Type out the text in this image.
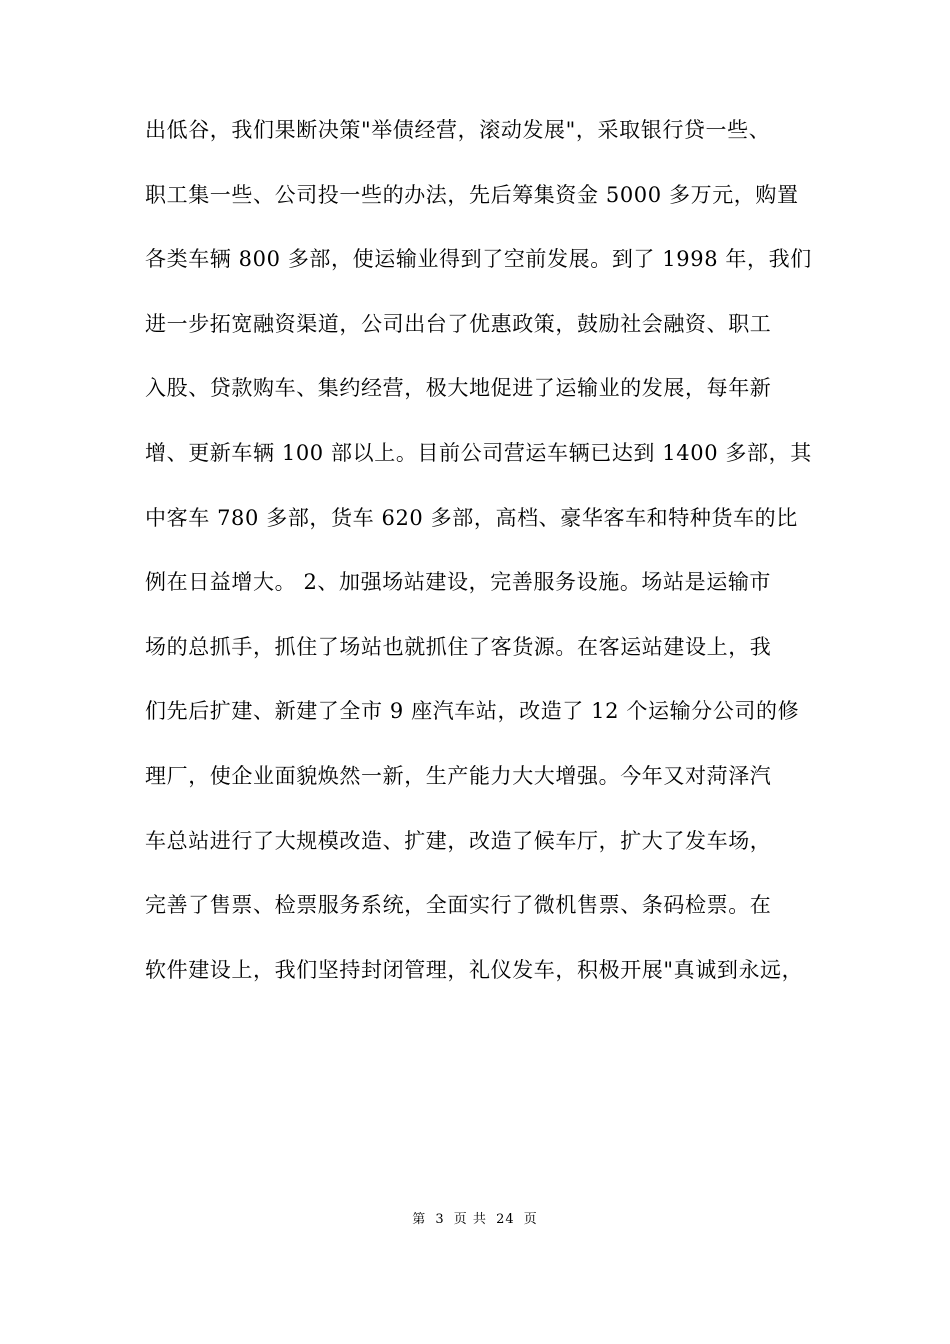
出低谷，我们果断决策"举债经营，滚动发展"，采取银行贷一些、
职工集一些、公司投一些的办法，先后筹集资金 5000 多万元，购置
各类车辆 800 多部，使运输业得到了空前发展。到了 1998 年，我们
进一步拓宽融资渠道，公司出台了优惠政策，鼓励社会融资、职工
入股、贷款购车、集约经营，极大地促进了运输业的发展，每年新
增、更新车辆 100 部以上。目前公司营运车辆已达到 1400 多部，其
中客车 780 多部，货车 620 多部，高档、豪华客车和特种货车的比
例在日益增大。 2、加强场站建设，完善服务设施。场站是运输市
场的总抓手，抓住了场站也就抓住了客货源。在客运站建设上，我
们先后扩建、新建了全市 9 座汽车站，改造了 12 个运输分公司的修
理厂，使企业面貌焕然一新，生产能力大大增强。今年又对菏泽汽
车总站进行了大规模改造、扩建，改造了候车厅，扩大了发车场，
完善了售票、检票服务系统，全面实行了微机售票、条码检票。在
软件建设上，我们坚持封闭管理，礼仪发车，积极开展"真诚到永远，
第 3 页 共 24 页
